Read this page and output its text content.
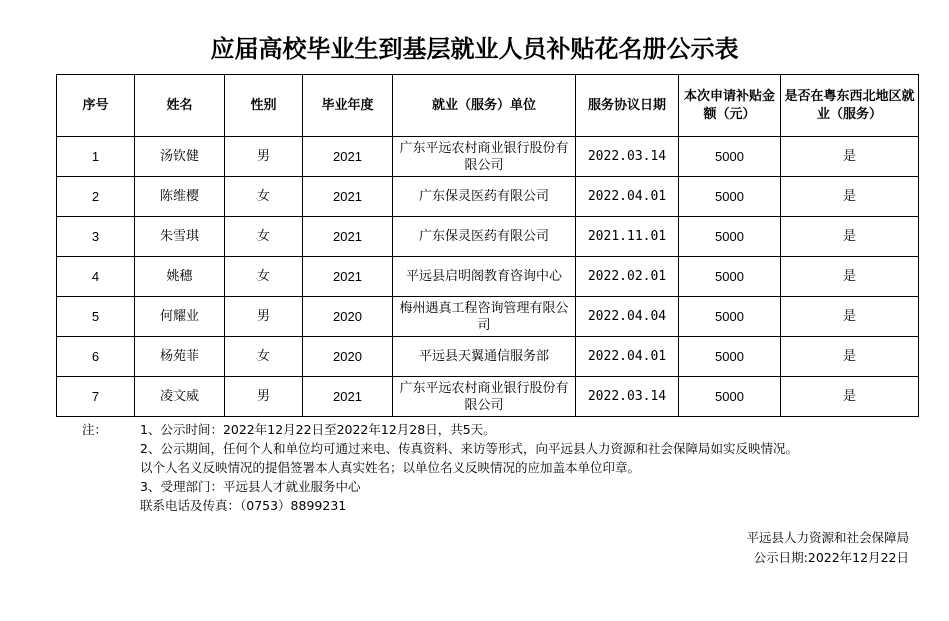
应届高校毕业生到基层就业人员补贴花名册公示表
序号	姓名	性别	毕业年度	就业（服务）单位	服务协议日期	本次申请补贴金额（元）	是否在粤东西北地区就业（服务）
1	汤钦健	男	2021	广东平远农村商业银行股份有限公司	2022.03.14	5000	是
2	陈维樱	女	2021	广东保灵医药有限公司	2022.04.01	5000	是
3	朱雪琪	女	2021	广东保灵医药有限公司	2021.11.01	5000	是
4	姚穗	女	2021	平远县启明阁教育咨询中心	2022.02.01	5000	是
5	何耀业	男	2020	梅州遇真工程咨询管理有限公司	2022.04.04	5000	是
6	杨苑菲	女	2020	平远县天翼通信服务部	2022.04.01	5000	是
7	凌文威	男	2021	广东平远农村商业银行股份有限公司	2022.03.14	5000	是
注：	1、公示时间：2022年12月22日至2022年12月28日，共5天。
2、公示期间，任何个人和单位均可通过来电、传真资料、来访等形式，向平远县人力资源和社会保障局如实反映情况。
以个人名义反映情况的提倡签署本人真实姓名；以单位名义反映情况的应加盖本单位印章。
3、受理部门：平远县人才就业服务中心
联系电话及传真：（0753）8899231
平远县人力资源和社会保障局
公示日期:2022年12月22日
